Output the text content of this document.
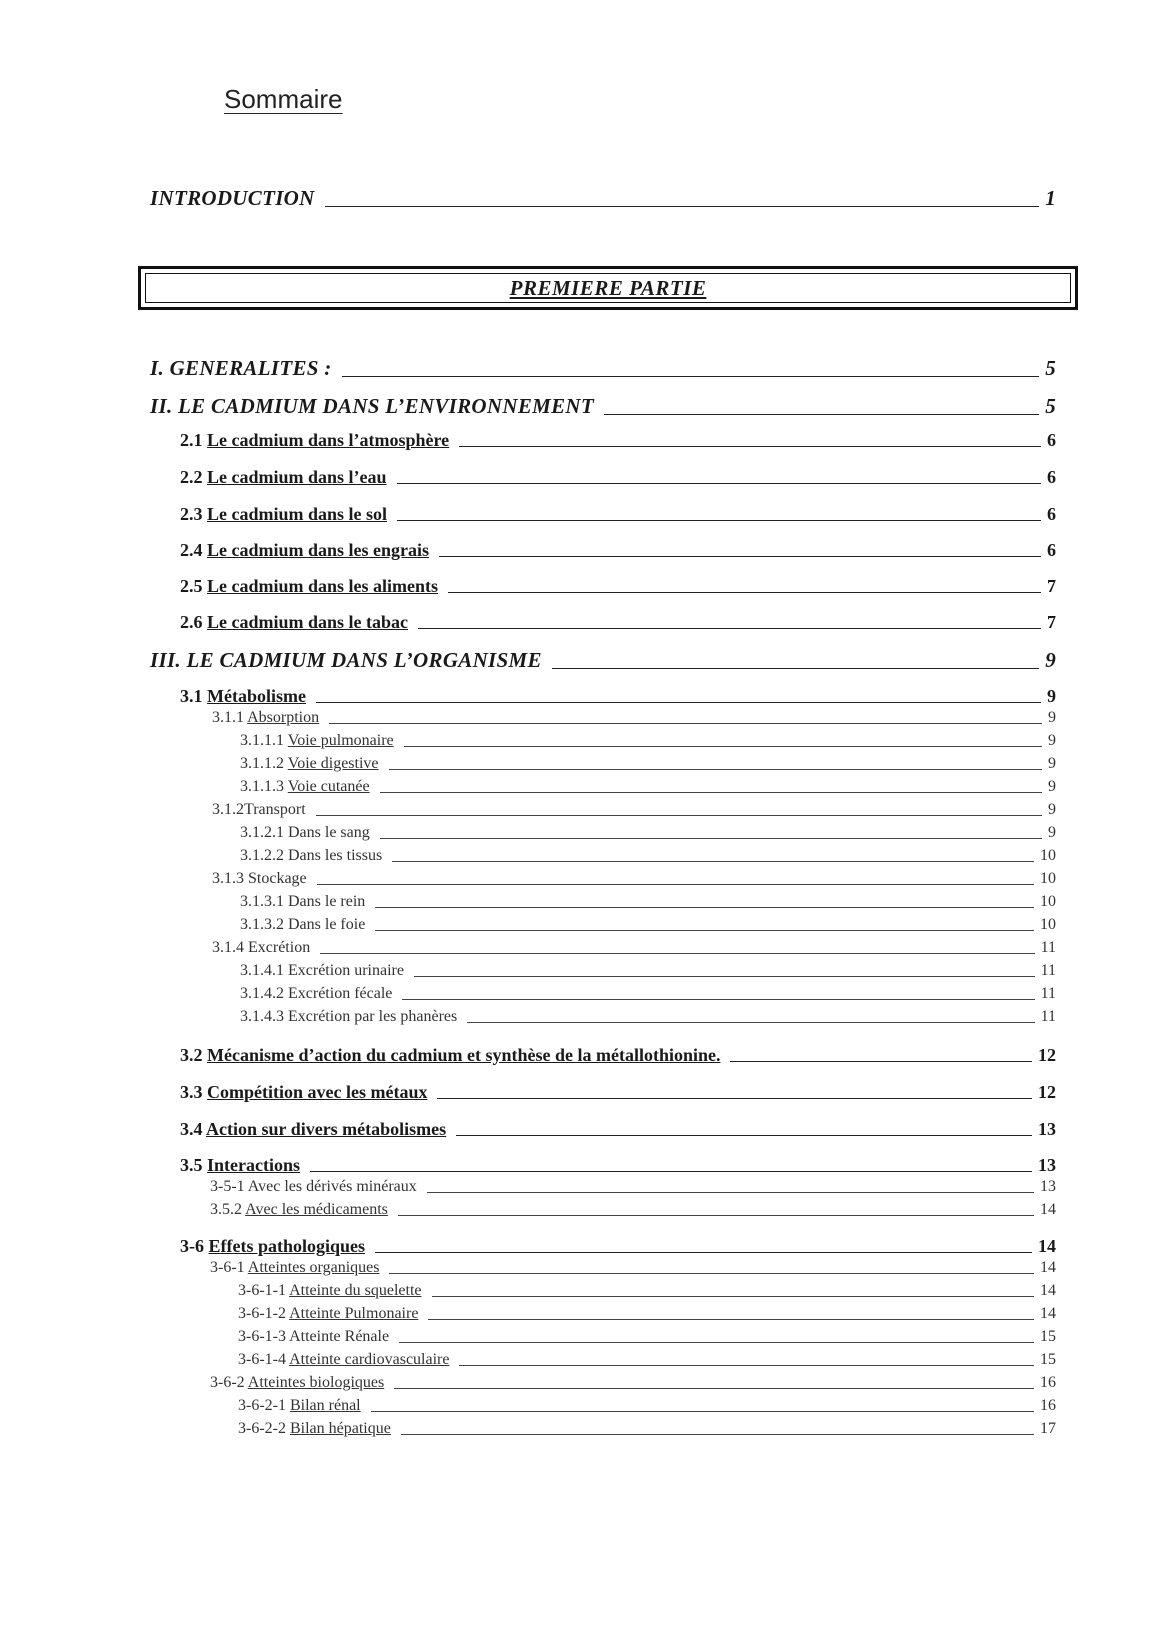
Sommaire
INTRODUCTION	1
PREMIERE PARTIE
I. GENERALITES :	5
II. LE CADMIUM DANS L’ENVIRONNEMENT	5
2.1 Le cadmium dans l’atmosphère	6
2.2 Le cadmium dans l’eau	6
2.3 Le cadmium dans le sol	6
2.4 Le cadmium dans les engrais	6
2.5 Le cadmium dans les aliments	7
2.6 Le cadmium dans le tabac	7
III. LE CADMIUM DANS L’ORGANISME	9
3.1 Métabolisme	9
3.1.1 Absorption	9
3.1.1.1 Voie pulmonaire	9
3.1.1.2 Voie digestive	9
3.1.1.3 Voie cutanée	9
3.1.2Transport	9
3.1.2.1 Dans le sang	9
3.1.2.2 Dans les tissus	10
3.1.3 Stockage	10
3.1.3.1 Dans le rein	10
3.1.3.2 Dans le foie	10
3.1.4 Excrétion	11
3.1.4.1 Excrétion urinaire	11
3.1.4.2 Excrétion fécale	11
3.1.4.3 Excrétion par les phanères	11
3.2 Mécanisme d’action du cadmium et synthèse de la métallothionine.	12
3.3 Compétition avec les métaux	12
3.4 Action sur divers métabolismes	13
3.5 Interactions	13
3-5-1 Avec les dérivés minéraux	13
3.5.2 Avec les médicaments	14
3-6 Effets pathologiques	14
3-6-1 Atteintes organiques	14
3-6-1-1 Atteinte du squelette	14
3-6-1-2 Atteinte Pulmonaire	14
3-6-1-3 Atteinte Rénale	15
3-6-1-4 Atteinte cardiovasculaire	15
3-6-2 Atteintes biologiques	16
3-6-2-1 Bilan rénal	16
3-6-2-2 Bilan hépatique	17
